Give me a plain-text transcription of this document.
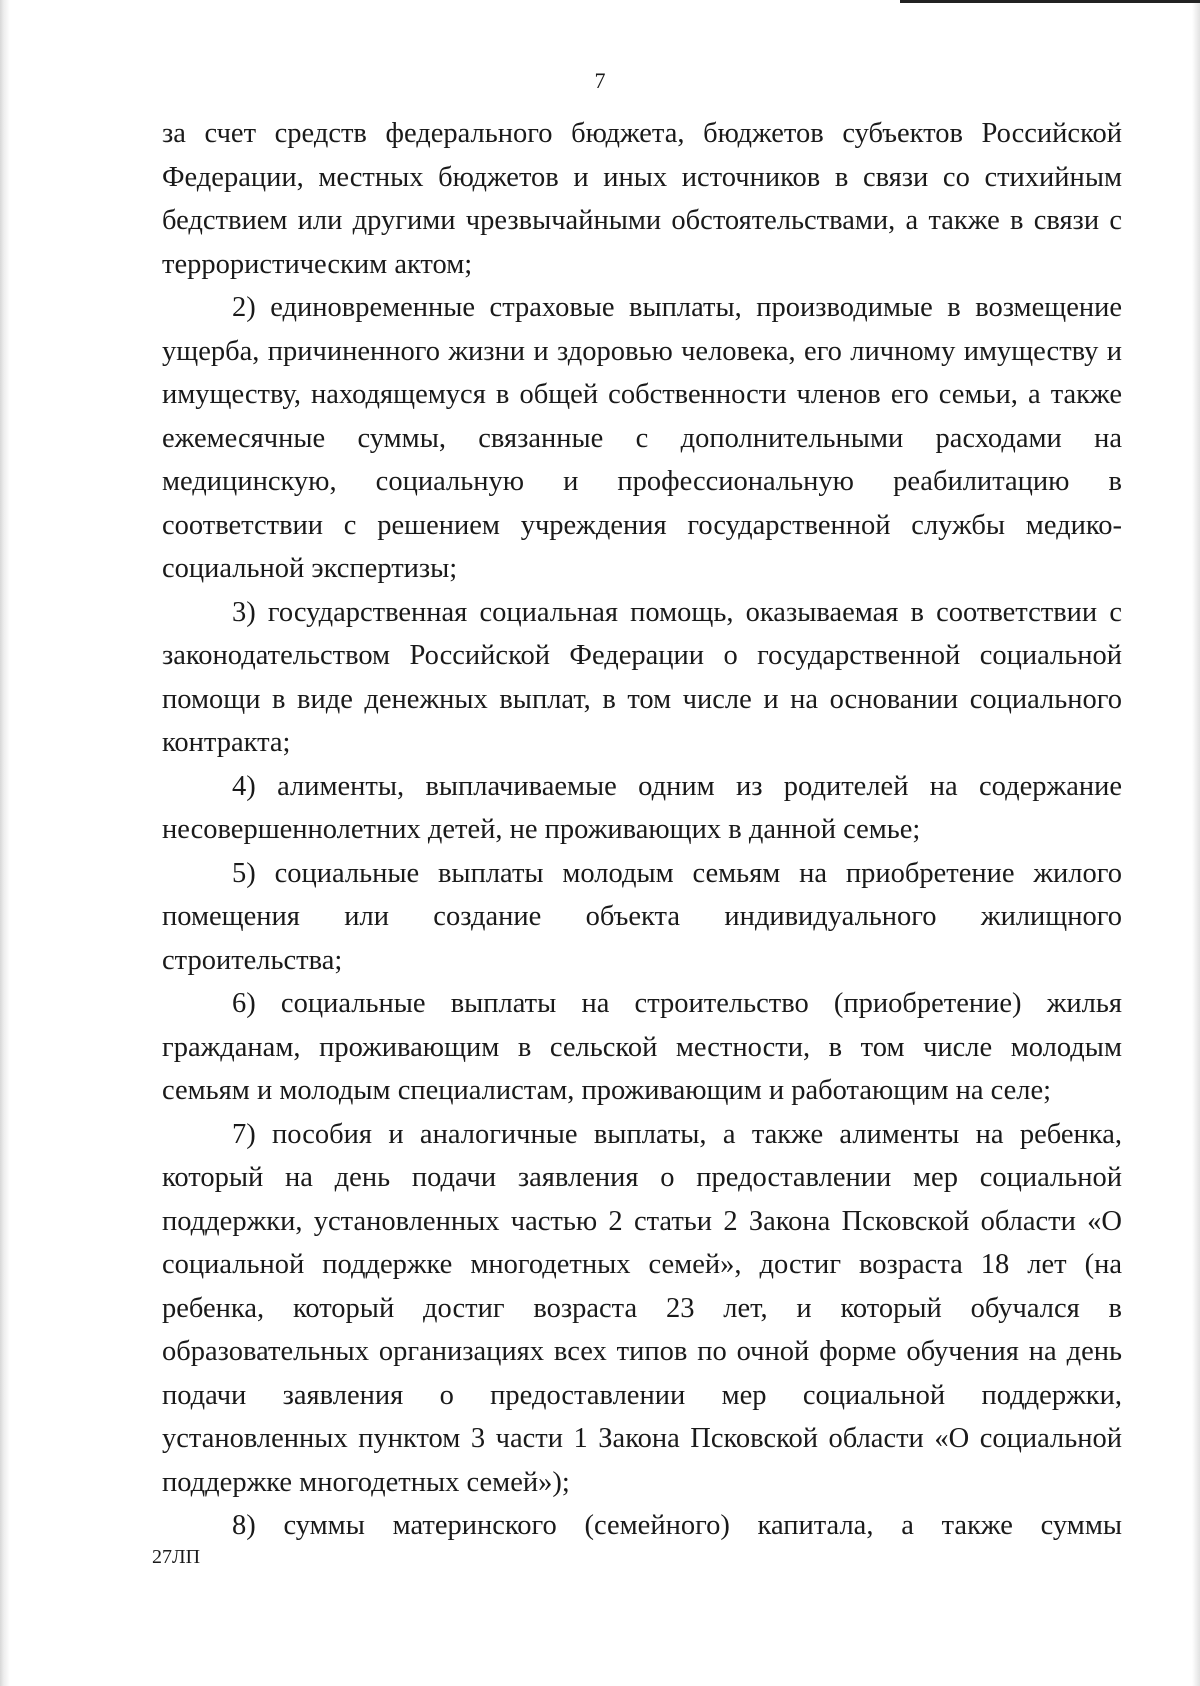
7

за счет средств федерального бюджета, бюджетов субъектов Российской Федерации, местных бюджетов и иных источников в связи со стихийным бедствием или другими чрезвычайными обстоятельствами, а также в связи с террористическим актом;

2) единовременные страховые выплаты, производимые в возмещение ущерба, причиненного жизни и здоровью человека, его личному имуществу и имуществу, находящемуся в общей собственности членов его семьи, а также ежемесячные суммы, связанные с дополнительными расходами на медицинскую, социальную и профессиональную реабилитацию в соответствии с решением учреждения государственной службы медико-социальной экспертизы;

3) государственная социальная помощь, оказываемая в соответствии с законодательством Российской Федерации о государственной социальной помощи в виде денежных выплат, в том числе и на основании социального контракта;

4) алименты, выплачиваемые одним из родителей на содержание несовершеннолетних детей, не проживающих в данной семье;

5) социальные выплаты молодым семьям на приобретение жилого помещения или создание объекта индивидуального жилищного строительства;

6) социальные выплаты на строительство (приобретение) жилья гражданам, проживающим в сельской местности, в том числе молодым семьям и молодым специалистам, проживающим и работающим на селе;

7) пособия и аналогичные выплаты, а также алименты на ребенка, который на день подачи заявления о предоставлении мер социальной поддержки, установленных частью 2 статьи 2 Закона Псковской области «О социальной поддержке многодетных семей», достиг возраста 18 лет (на ребенка, который достиг возраста 23 лет, и который обучался в образовательных организациях всех типов по очной форме обучения на день подачи заявления о предоставлении мер социальной поддержки, установленных пунктом 3 части 1 Закона Псковской области «О социальной поддержке многодетных семей»);

8) суммы материнского (семейного) капитала, а также суммы

27ЛП
